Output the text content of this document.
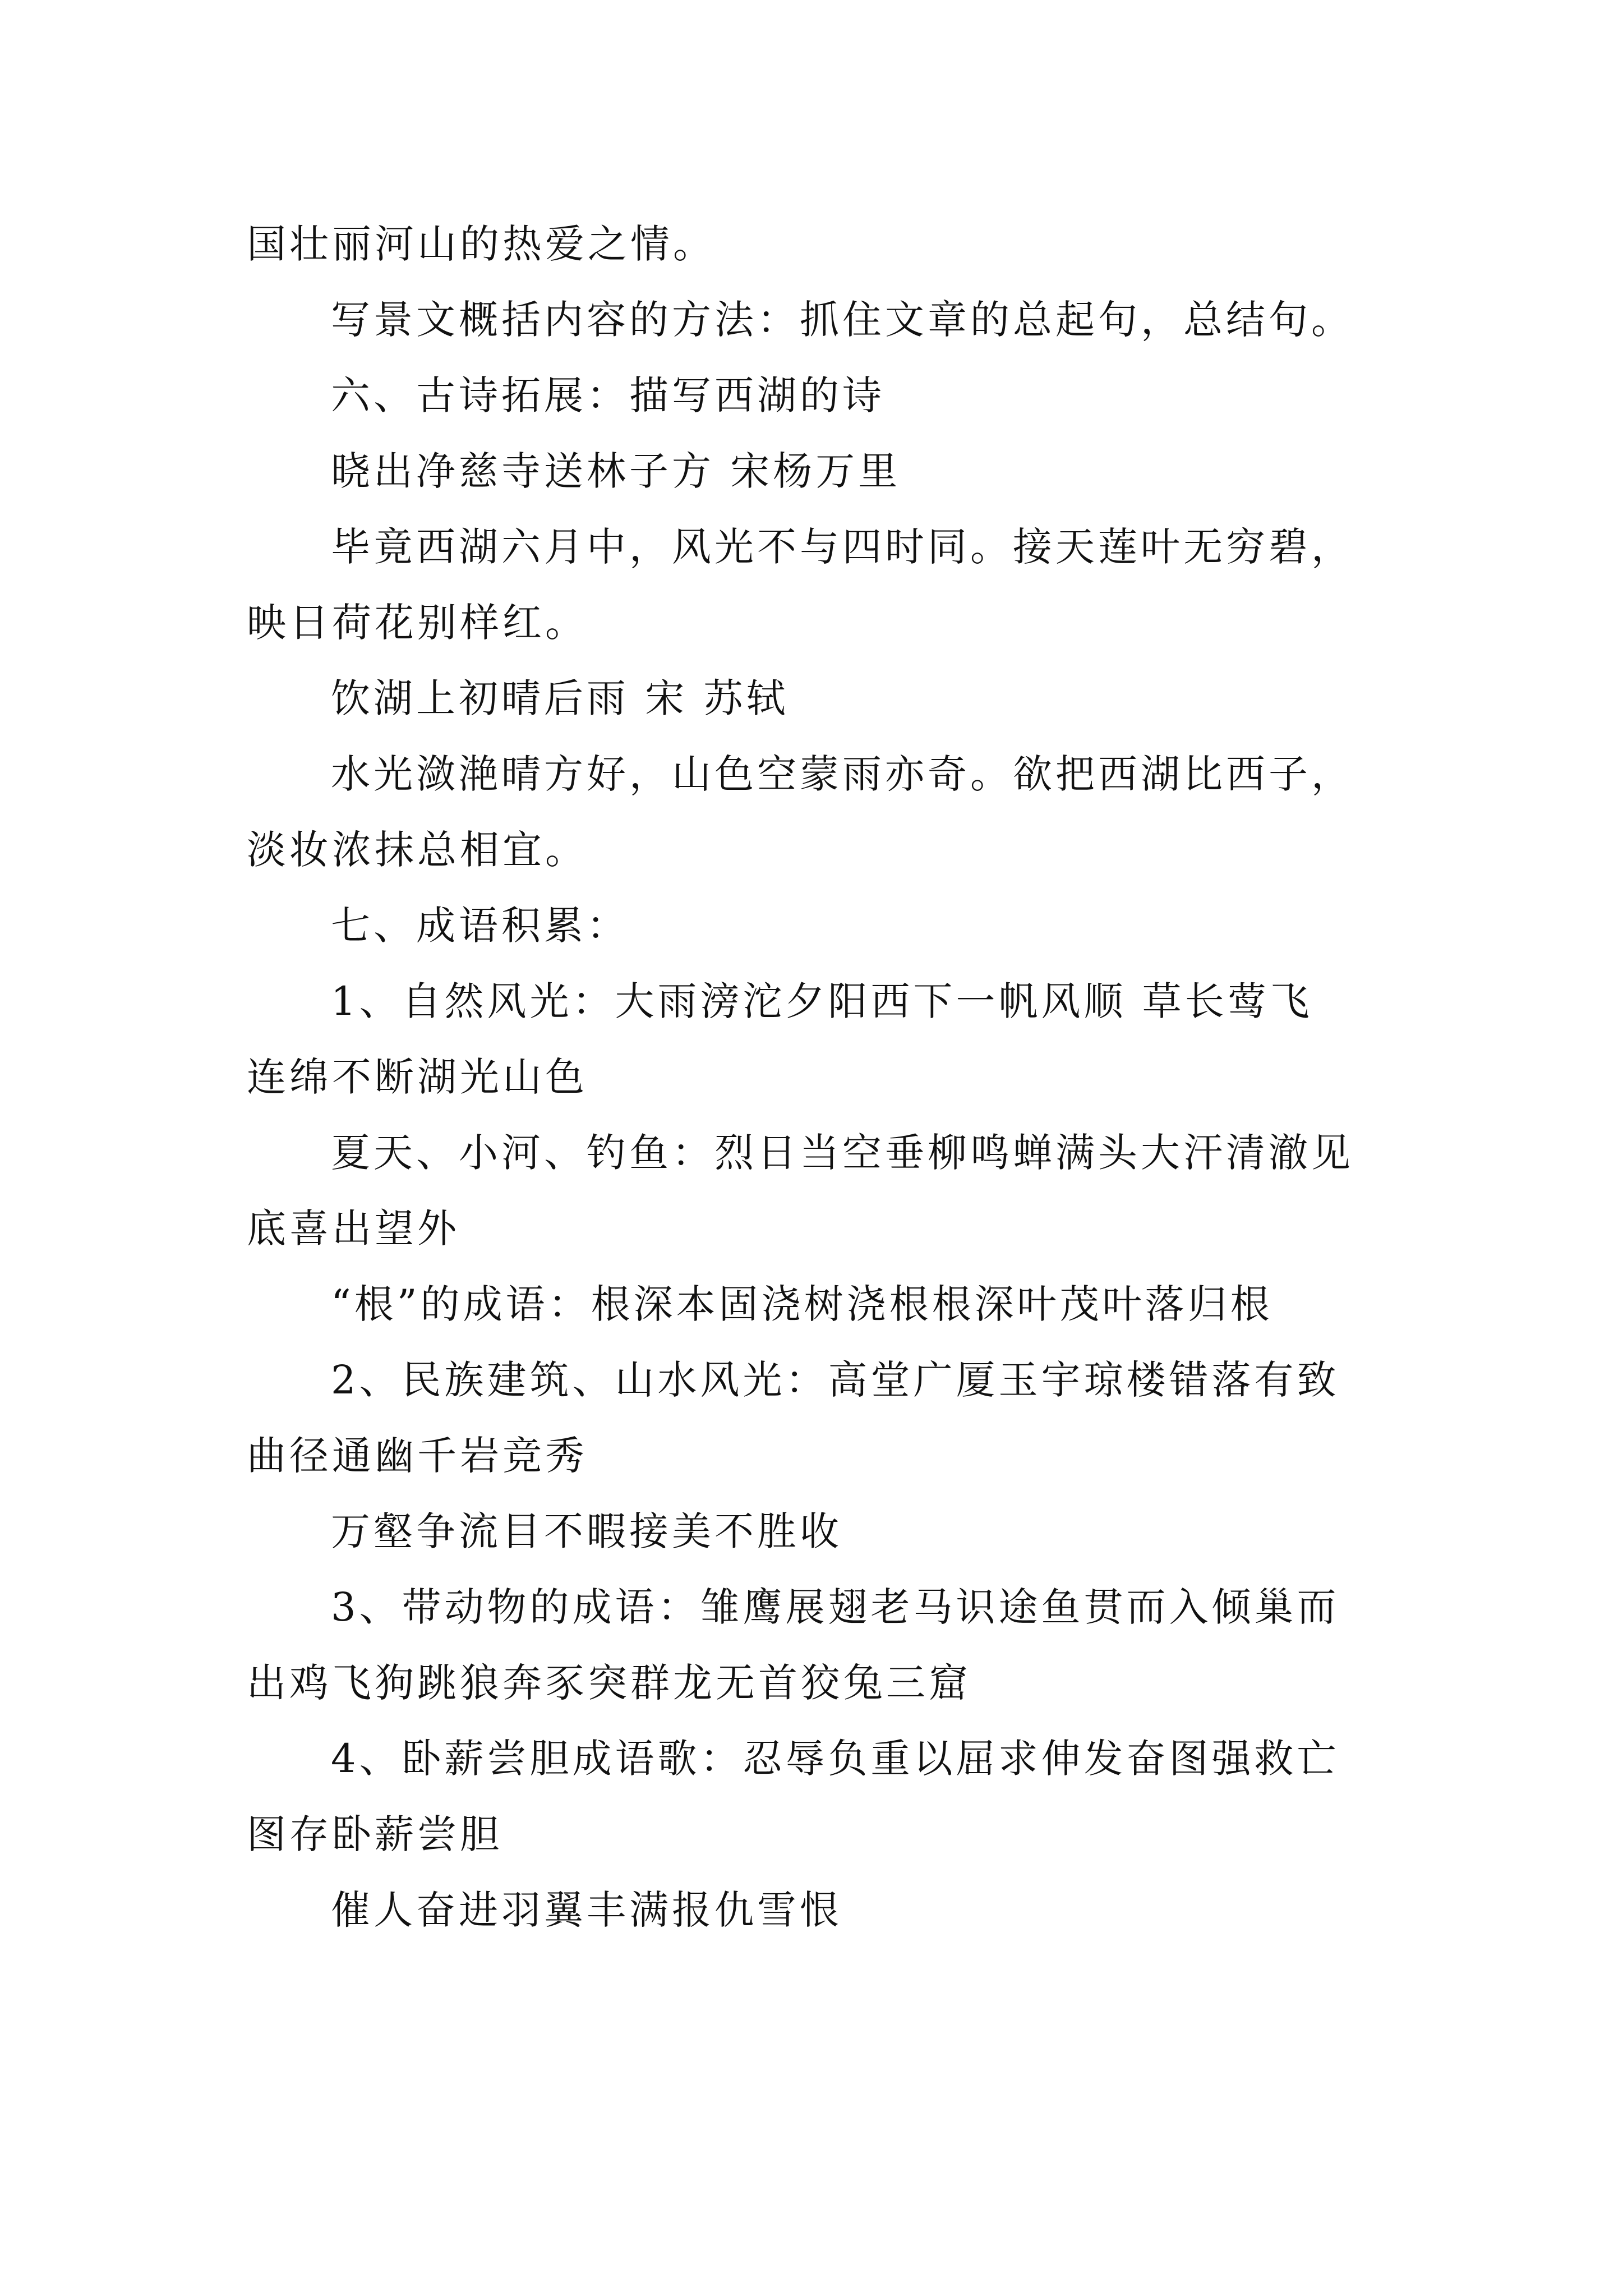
国壮丽河山的热爱之情。
写景文概括内容的方法：抓住文章的总起句，总结句。
六、古诗拓展：描写西湖的诗
晓出净慈寺送林子方 宋杨万里
毕竟西湖六月中，风光不与四时同。接天莲叶无穷碧，
映日荷花别样红。
饮湖上初晴后雨 宋 苏轼
水光潋滟晴方好，山色空蒙雨亦奇。欲把西湖比西子，
淡妆浓抹总相宜。
七、成语积累：
1、自然风光：大雨滂沱夕阳西下一帆风顺 草长莺飞
连绵不断湖光山色
夏天、小河、钓鱼：烈日当空垂柳鸣蝉满头大汗清澈见
底喜出望外
“根”的成语：根深本固浇树浇根根深叶茂叶落归根
2、民族建筑、山水风光：高堂广厦玉宇琼楼错落有致
曲径通幽千岩竞秀
万壑争流目不暇接美不胜收
3、带动物的成语：雏鹰展翅老马识途鱼贯而入倾巢而
出鸡飞狗跳狼奔豕突群龙无首狡兔三窟
4、卧薪尝胆成语歌：忍辱负重以屈求伸发奋图强救亡
图存卧薪尝胆
催人奋进羽翼丰满报仇雪恨
